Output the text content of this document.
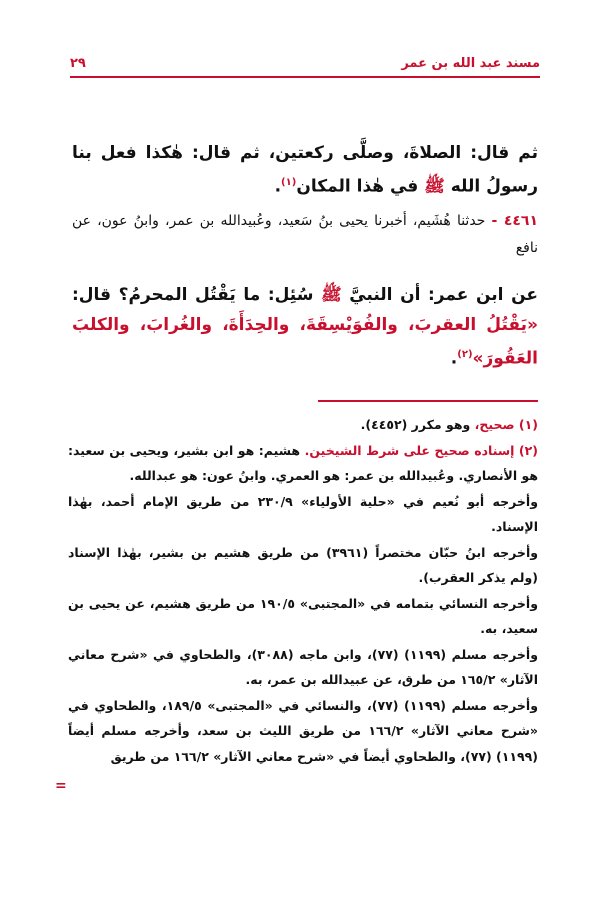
مسند عبد الله بن عمر
٢٩
ثم قال: الصلاةَ، وصلَّى ركعتين، ثم قال: هٰكذا فعل بنا رسولُ الله ﷺ في هٰذا المكان$^{(١)}$.
٤٤٦١ - حدثنا هُشَيم، أخبرنا يحيى بنُ سَعيد، وعُبيدالله بن عمر، وابنُ عون، عن نافع
عن ابن عمر: أن النبيَّ ﷺ سُئِل: ما يَقْتُل المحرمُ؟ قال: «يَقْتُلُ العقربَ، والفُوَيْسِقَةَ، والحِدَأَةَ، والغُرابَ، والكلبَ العَقُورَ»$^{(٢)}$.

(١) صحيح، وهو مكرر (٤٤٥٢).

(٢) إسناده صحيح على شرط الشيخين. هشيم: هو ابن بشير، ويحيى بن سعيد: هو الأنصاري. وعُبيدالله بن عمر: هو العمري. وابنُ عون: هو عبدالله.

وأخرجه أبو نُعيم في «حلية الأولياء» ٢٣٠/٩ من طريق الإمام أحمد، بهٰذا الإسناد.

وأخرجه ابنُ حبّان مختصراً (٣٩٦١) من طريق هشيم بن بشير، بهٰذا الإسناد (ولم يذكر العقرب).

وأخرجه النسائي بتمامه في «المجتبى» ١٩٠/٥ من طريق هشيم، عن يحيى بن سعيد، به.

وأخرجه مسلم (١١٩٩) (٧٧)، وابن ماجه (٣٠٨٨)، والطحاوي في «شرح معاني الآثار» ١٦٥/٢ من طرق، عن عبيدالله بن عمر، به.

وأخرجه مسلم (١١٩٩) (٧٧)، والنسائي في «المجتبى» ١٨٩/٥، والطحاوي في «شرح معاني الآثار» ١٦٦/٢ من طريق الليث بن سعد، وأخرجه مسلم أيضاً (١١٩٩) (٧٧)، والطحاوي أيضاً في «شرح معاني الآثار» ١٦٦/٢ من طريق

=
